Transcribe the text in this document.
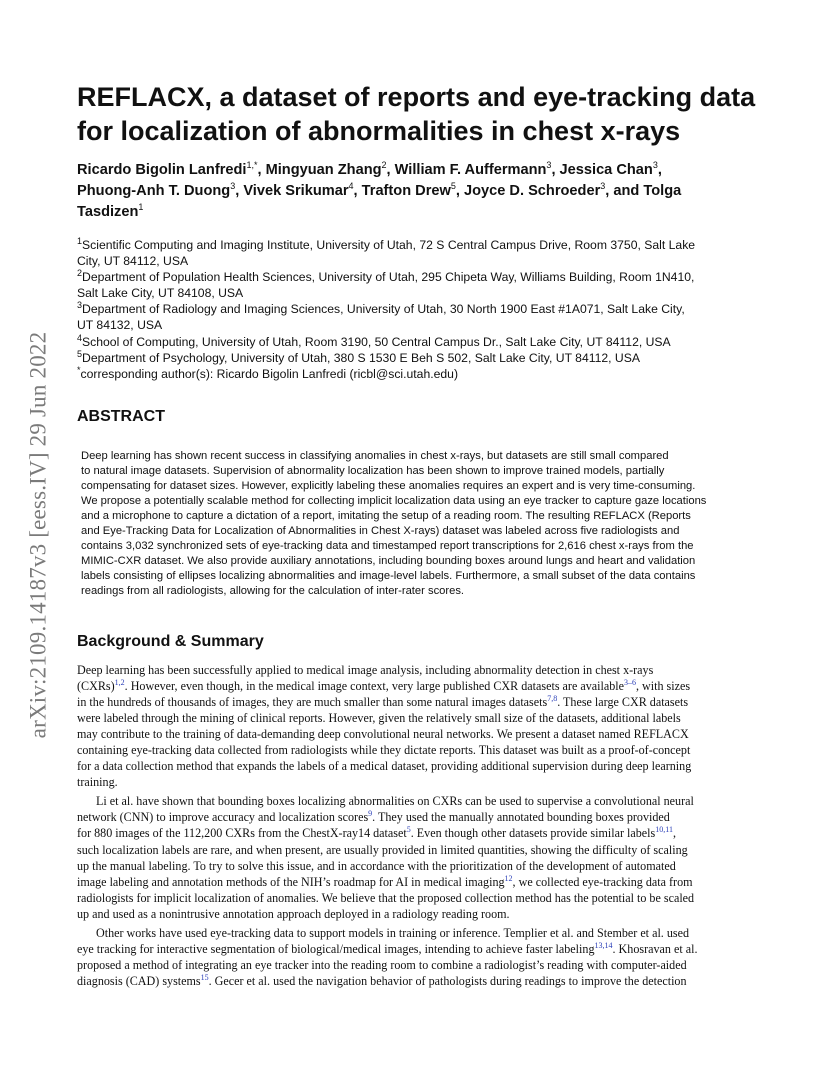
arXiv:2109.14187v3 [eess.IV] 29 Jun 2022
REFLACX, a dataset of reports and eye-tracking data
for localization of abnormalities in chest x-rays
Ricardo Bigolin Lanfredi$^{1,*}$, Mingyuan Zhang$^2$, William F. Auffermann$^3$, Jessica Chan$^3$,
Phuong-Anh T. Duong$^3$, Vivek Srikumar$^4$, Trafton Drew$^5$, Joyce D. Schroeder$^3$, and Tolga
Tasdizen$^1$
$^1$Scientific Computing and Imaging Institute, University of Utah, 72 S Central Campus Drive, Room 3750, Salt Lake
City, UT 84112, USA
$^2$Department of Population Health Sciences, University of Utah, 295 Chipeta Way, Williams Building, Room 1N410,
Salt Lake City, UT 84108, USA
$^3$Department of Radiology and Imaging Sciences, University of Utah, 30 North 1900 East #1A071, Salt Lake City,
UT 84132, USA
$^4$School of Computing, University of Utah, Room 3190, 50 Central Campus Dr., Salt Lake City, UT 84112, USA
$^5$Department of Psychology, University of Utah, 380 S 1530 E Beh S 502, Salt Lake City, UT 84112, USA
*corresponding author(s): Ricardo Bigolin Lanfredi (ricbl@sci.utah.edu)
ABSTRACT
Deep learning has shown recent success in classifying anomalies in chest x-rays, but datasets are still small compared
to natural image datasets. Supervision of abnormality localization has been shown to improve trained models, partially
compensating for dataset sizes. However, explicitly labeling these anomalies requires an expert and is very time-consuming.
We propose a potentially scalable method for collecting implicit localization data using an eye tracker to capture gaze locations
and a microphone to capture a dictation of a report, imitating the setup of a reading room. The resulting REFLACX (Reports
and Eye-Tracking Data for Localization of Abnormalities in Chest X-rays) dataset was labeled across five radiologists and
contains 3,032 synchronized sets of eye-tracking data and timestamped report transcriptions for 2,616 chest x-rays from the
MIMIC-CXR dataset. We also provide auxiliary annotations, including bounding boxes around lungs and heart and validation
labels consisting of ellipses localizing abnormalities and image-level labels. Furthermore, a small subset of the data contains
readings from all radiologists, allowing for the calculation of inter-rater scores.
Background & Summary
Deep learning has been successfully applied to medical image analysis, including abnormality detection in chest x-rays
(CXRs)$^{1,2}$. However, even though, in the medical image context, very large published CXR datasets are available$^{3-6}$, with sizes
in the hundreds of thousands of images, they are much smaller than some natural images datasets$^{7,8}$. These large CXR datasets
were labeled through the mining of clinical reports. However, given the relatively small size of the datasets, additional labels
may contribute to the training of data-demanding deep convolutional neural networks. We present a dataset named REFLACX
containing eye-tracking data collected from radiologists while they dictate reports. This dataset was built as a proof-of-concept
for a data collection method that expands the labels of a medical dataset, providing additional supervision during deep learning
training.
Li et al. have shown that bounding boxes localizing abnormalities on CXRs can be used to supervise a convolutional neural
network (CNN) to improve accuracy and localization scores$^9$. They used the manually annotated bounding boxes provided
for 880 images of the 112,200 CXRs from the ChestX-ray14 dataset$^5$. Even though other datasets provide similar labels$^{10,11}$,
such localization labels are rare, and when present, are usually provided in limited quantities, showing the difficulty of scaling
up the manual labeling. To try to solve this issue, and in accordance with the prioritization of the development of automated
image labeling and annotation methods of the NIH’s roadmap for AI in medical imaging$^{12}$, we collected eye-tracking data from
radiologists for implicit localization of anomalies. We believe that the proposed collection method has the potential to be scaled
up and used as a nonintrusive annotation approach deployed in a radiology reading room.
Other works have used eye-tracking data to support models in training or inference. Templier et al. and Stember et al. used
eye tracking for interactive segmentation of biological/medical images, intending to achieve faster labeling$^{13,14}$. Khosravan et al.
proposed a method of integrating an eye tracker into the reading room to combine a radiologist’s reading with computer-aided
diagnosis (CAD) systems$^{15}$. Gecer et al. used the navigation behavior of pathologists during readings to improve the detection
